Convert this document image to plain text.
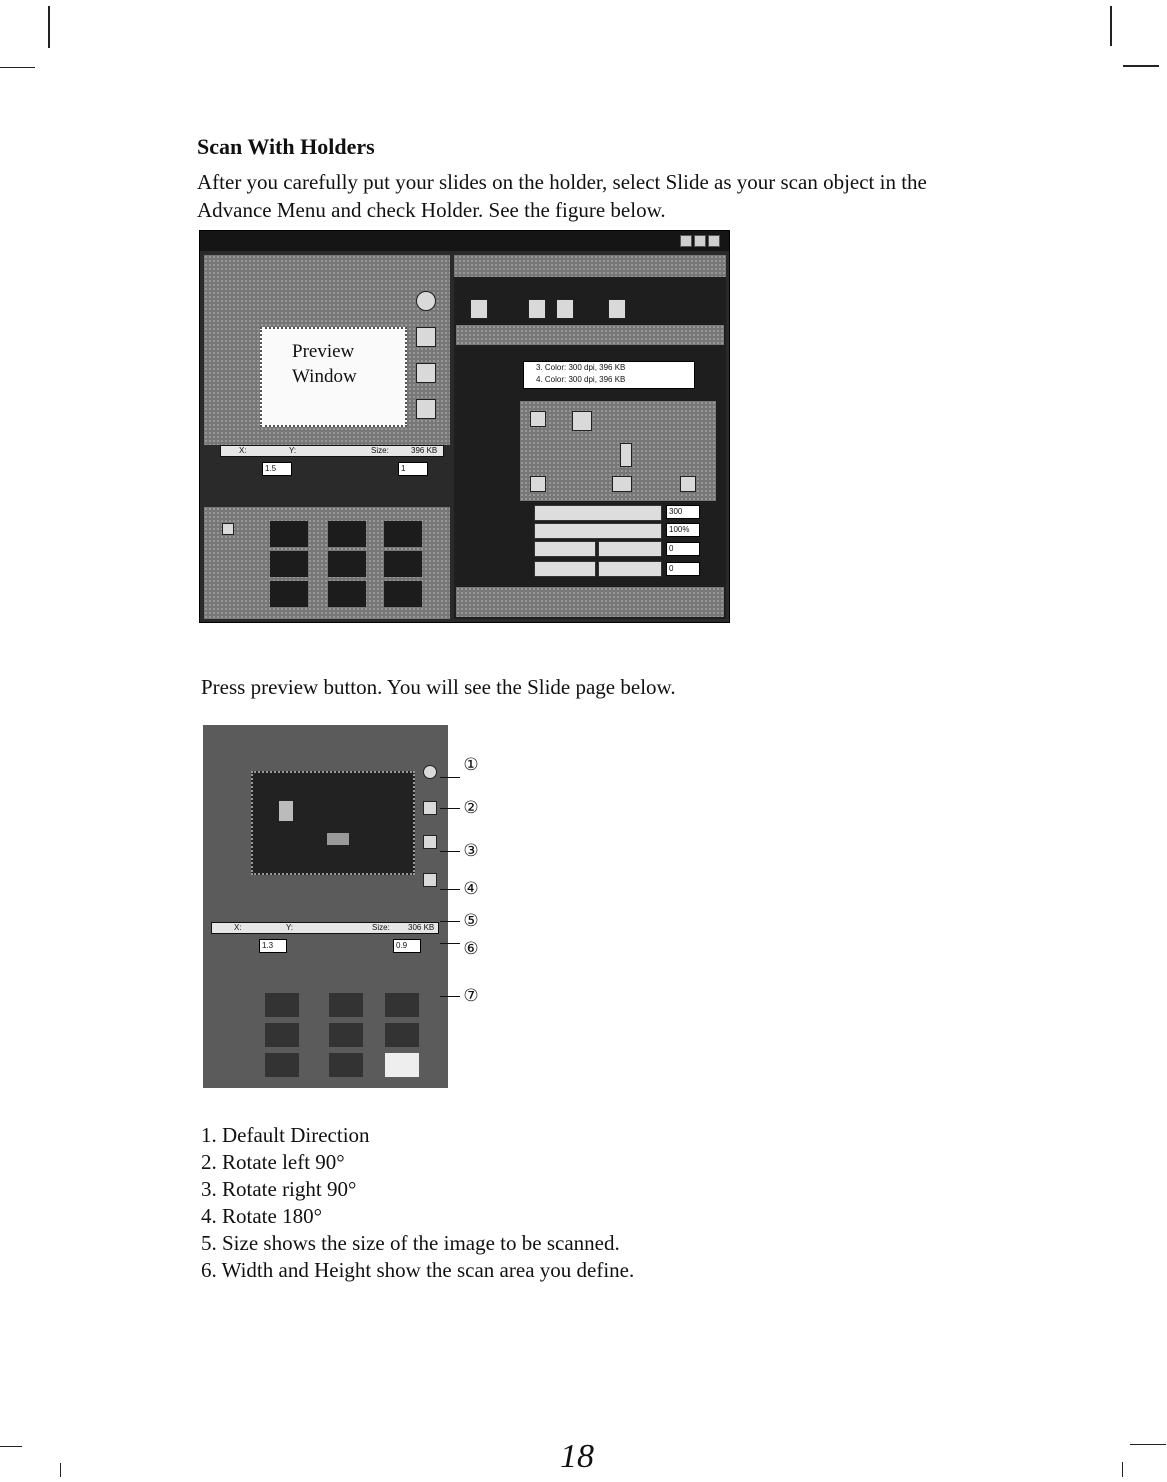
Scan With Holders
After you carefully put your slides on the holder, select Slide as your scan object in the Advance Menu and check Holder. See the figure below.
Preview
Window
X:	Y:	Size:	396 KB
1.5	1
3. Color: 300 dpi, 396 KB
4. Color: 300 dpi, 396 KB
300
100%
0
0
Press preview button. You will see the Slide page below.
X:	Y:	Size: 306 KB
1.3	0.9
①
②
③
④
⑤
⑥
⑦
1. Default Direction
2. Rotate left 90°
3. Rotate right 90°
4. Rotate 180°
5. Size shows the size of the image to be scanned.
6. Width and Height show the scan area you define.
18
